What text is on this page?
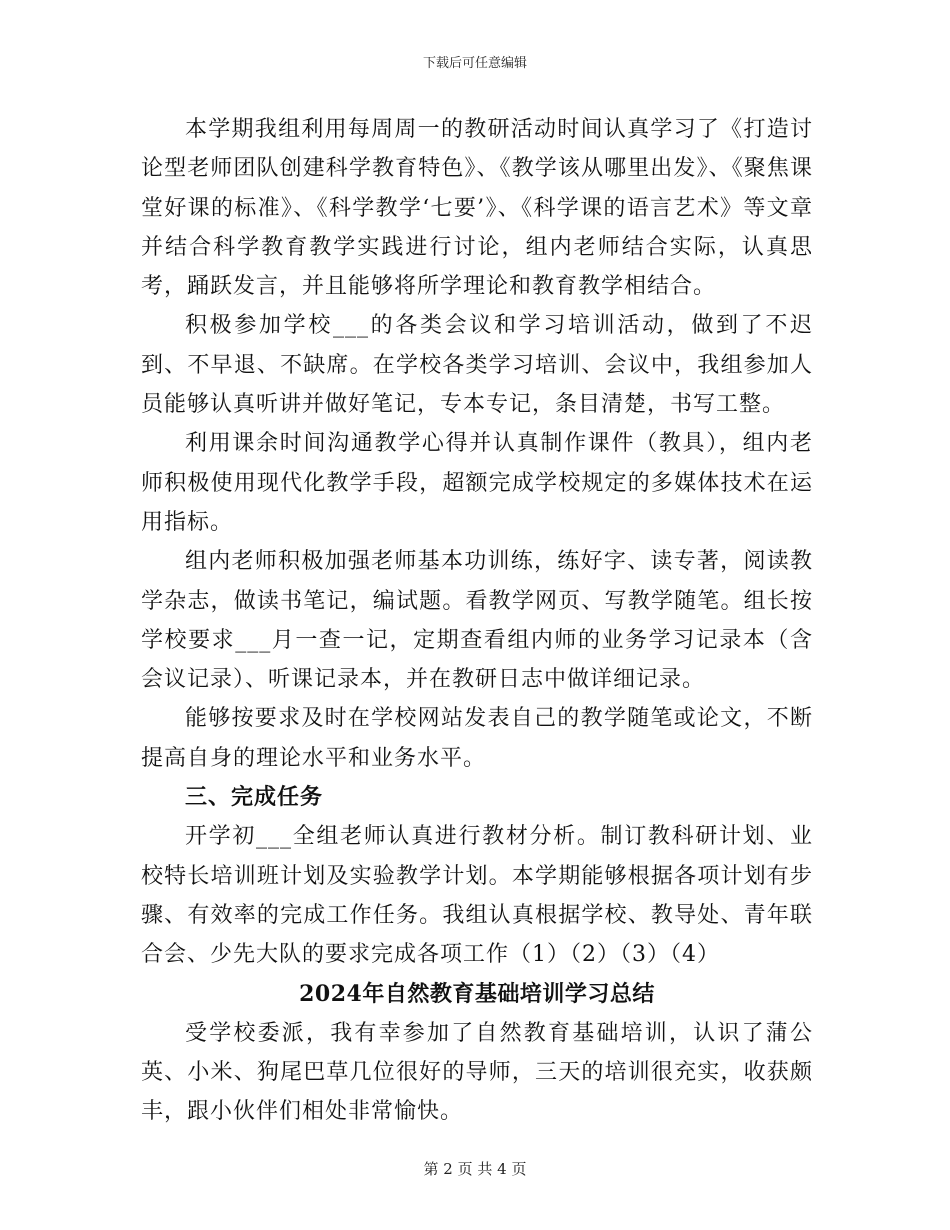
下载后可任意编辑

本学期我组利用每周周一的教研活动时间认真学习了《打造讨论型老师团队创建科学教育特色》、《教学该从哪里出发》、《聚焦课堂好课的标准》、《科学教学‘七要’》、《科学课的语言艺术》等文章并结合科学教育教学实践进行讨论，组内老师结合实际，认真思考，踊跃发言，并且能够将所学理论和教育教学相结合。

积极参加学校___的各类会议和学习培训活动，做到了不迟到、不早退、不缺席。在学校各类学习培训、会议中，我组参加人员能够认真听讲并做好笔记，专本专记，条目清楚，书写工整。

利用课余时间沟通教学心得并认真制作课件（教具），组内老师积极使用现代化教学手段，超额完成学校规定的多媒体技术在运用指标。

组内老师积极加强老师基本功训练，练好字、读专著，阅读教学杂志，做读书笔记，编试题。看教学网页、写教学随笔。组长按学校要求___月一查一记，定期查看组内师的业务学习记录本（含会议记录）、听课记录本，并在教研日志中做详细记录。

能够按要求及时在学校网站发表自己的教学随笔或论文，不断提高自身的理论水平和业务水平。

三、完成任务

开学初___全组老师认真进行教材分析。制订教科研计划、业校特长培训班计划及实验教学计划。本学期能够根据各项计划有步骤、有效率的完成工作任务。我组认真根据学校、教导处、青年联合会、少先大队的要求完成各项工作（1）（2）（3）（4）

2024年自然教育基础培训学习总结

受学校委派，我有幸参加了自然教育基础培训，认识了蒲公英、小米、狗尾巴草几位很好的导师，三天的培训很充实，收获颇丰，跟小伙伴们相处非常愉快。

第 2 页 共 4 页
